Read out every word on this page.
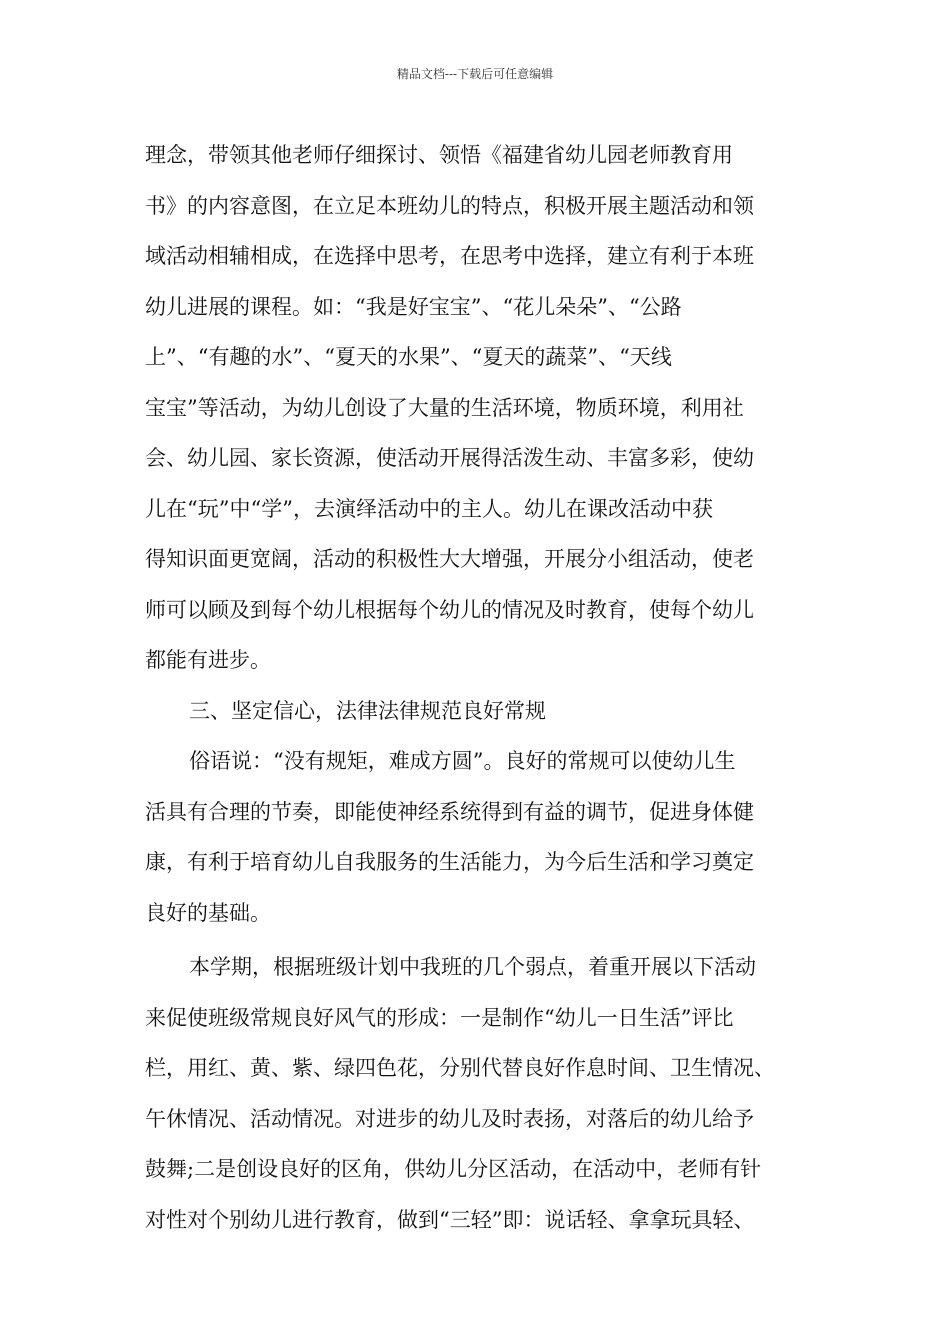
精品文档---下载后可任意编辑
理念，带领其他老师仔细探讨、领悟《福建省幼儿园老师教育用
书》的内容意图，在立足本班幼儿的特点，积极开展主题活动和领
域活动相辅相成，在选择中思考，在思考中选择，建立有利于本班
幼儿进展的课程。如：“我是好宝宝”、“花儿朵朵”、“公路
上”、“有趣的水”、“夏天的水果”、“夏天的蔬菜”、“天线
宝宝”等活动，为幼儿创设了大量的生活环境，物质环境，利用社
会、幼儿园、家长资源，使活动开展得活泼生动、丰富多彩，使幼
儿在“玩”中“学”，去演绎活动中的主人。幼儿在课改活动中获
得知识面更宽阔，活动的积极性大大增强，开展分小组活动，使老
师可以顾及到每个幼儿根据每个幼儿的情况及时教育，使每个幼儿
都能有进步。
三、坚定信心，法律法律规范良好常规
俗语说：“没有规矩，难成方圆”。良好的常规可以使幼儿生
活具有合理的节奏，即能使神经系统得到有益的调节，促进身体健
康，有利于培育幼儿自我服务的生活能力，为今后生活和学习奠定
良好的基础。
本学期，根据班级计划中我班的几个弱点，着重开展以下活动
来促使班级常规良好风气的形成：一是制作“幼儿一日生活”评比
栏，用红、黄、紫、绿四色花，分别代替良好作息时间、卫生情况、
午休情况、活动情况。对进步的幼儿及时表扬，对落后的幼儿给予
鼓舞;二是创设良好的区角，供幼儿分区活动，在活动中，老师有针
对性对个别幼儿进行教育，做到“三轻”即：说话轻、拿拿玩具轻、
